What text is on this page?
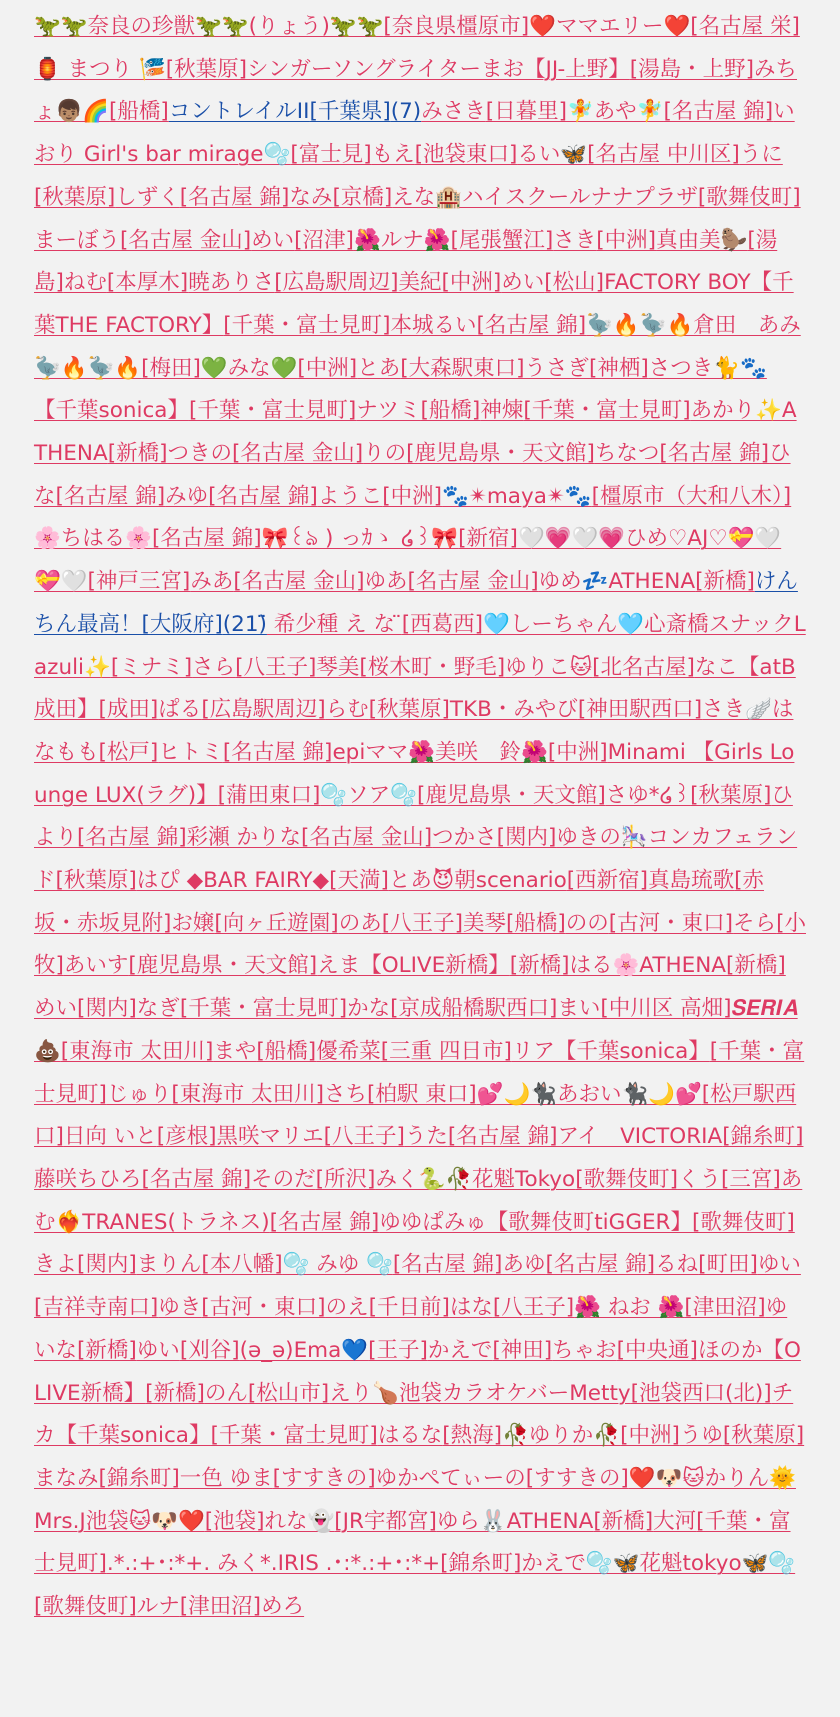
🦖🦖奈良の珍獣🦖🦖(りょう)🦖🦖[奈良県橿原市]❤️ママエリー❤️[名古屋 栄]🏮 まつり 🎏[秋葉原]シンガーソングライターまお【JJ-上野】[湯島・上野]みちょ👦🏽🌈[船橋]コントレイルII[千葉県](7)みさき[日暮里]🧚あや🧚[名古屋 錦]いおり Girl's bar mirage🫧[富士見]もえ[池袋東口]るい🦋[名古屋 中川区]うに[秋葉原]しずく[名古屋 錦]なみ[京橋]えな🏨ハイスクールナナプラザ[歌舞伎町]まーぼう[名古屋 金山]めい[沼津]🌺ルナ🌺[尾張蟹江]さき[中洲]真由美🦫[湯島]ねむ[本厚木]暁ありさ[広島駅周辺]美紀[中洲]めい[松山]FACTORY BOY【千葉THE FACTORY】[千葉・富士見町]本城るい[名古屋 錦]🦤🔥🦤🔥倉田　あみ🦤🔥🦤🔥[梅田]💚みな💚[中洲]とあ[大森駅東口]うさぎ[神栖]さつき🐈🐾【千葉sonica】[千葉・富士見町]ナツミ[船橋]神煉[千葉・富士見町]あかり✨ATHENA[新橋]つきの[名古屋 金山]りの[鹿児島県・天文館]ちなつ[名古屋 錦]ひな[名古屋 錦]みゆ[名古屋 錦]ようこ[中洲]🐾✴maya✴🐾[橿原市（大和八木）]🌸ちはる🌸[名古屋 錦]🎀꒰ঌ ) っｶゝ ໒꒱🎀[新宿]🤍💗🤍💗ひめ♡AJ♡💝🤍💝🤍[神戸三宮]みあ[名古屋 金山]ゆあ[名古屋 金山]ゆめ💤ATHENA[新橋]けんちん最高！[大阪府](21)̈ 希少種 え な ̈[西葛西]🩵しーちゃん🩵心斎橋スナックLazuli✨[ミナミ]さら[八王子]琴美[桜木町・野毛]ゆりこ🐱[北名古屋]なこ【atB 成田】[成田]ぱる[広島駅周辺]らむ[秋葉原]TKB・みやび[神田駅西口]さき🪽はなもも[松戸]ヒトミ[名古屋 錦]epiママ🌺美咲　鈴🌺[中洲]Minami 【Girls Lounge LUX(ラグ)】[蒲田東口]🫧ソア🫧[鹿児島県・天文館]さゆ*໒꒱[秋葉原]ひより[名古屋 錦]彩瀬 かりな[名古屋 金山]つかさ[関内]ゆきの🎠コンカフェランド[秋葉原]はぴ ◆BAR FAIRY◆[天満]とあ😈朝scenario[西新宿]真島琉歌[赤坂・赤坂見附]お嬢[向ヶ丘遊園]のあ[八王子]美琴[船橋]のの[古河・東口]そら[小牧]あいす[鹿児島県・天文館]えま【OLIVE新橋】[新橋]はる🌸ATHENA[新橋]めい[関内]なぎ[千葉・富士見町]かな[京成船橋駅西口]まい[中川区 高畑]𝑺𝑬𝑹𝑰𝑨 💩[東海市 太田川]まや[船橋]優希菜[三重 四日市]リア【千葉sonica】[千葉・富士見町]じゅり[東海市 太田川]さち[柏駅 東口]💕🌙🐈‍⬛あおい🐈‍⬛🌙💕[松戸駅西口]日向 いと[彦根]黒咲マリエ[八王子]うた[名古屋 錦]アイ　VICTORIA[錦糸町]藤咲ちひろ[名古屋 錦]そのだ[所沢]みく🐍🥀花魁Tokyo[歌舞伎町]くう[三宮]あむ❤️‍🔥TRANES(トラネス)[名古屋 錦]ゆゆぱみゅ【歌舞伎町tiGGER】[歌舞伎町]きよ[関内]まりん[本八幡]🫧 みゆ 🫧[名古屋 錦]あゆ[名古屋 錦]るね[町田]ゆい[吉祥寺南口]ゆき[古河・東口]のえ[千日前]はな[八王子]🌺 ねお 🌺[津田沼]ゆいな[新橋]ゆい[刈谷](ə_ə)Ema💙[王子]かえで[神田]ちゃお[中央通]ほのか【OLIVE新橋】[新橋]のん[松山市]えり🍗池袋カラオケバーMetty[池袋西口(北)]チ カ【千葉sonica】[千葉・富士見町]はるな[熱海]🥀ゆりか🥀[中洲]うゆ[秋葉原]まなみ[錦糸町]一色 ゆま[すすきの]ゆかぺてぃーの[すすきの]❤️🐶🐱かりん🌞Mrs.J池袋🐱🐶❤️[池袋]れな👻[JR宇都宮]ゆら🐰ATHENA[新橋]大河[千葉・富士見町].*.:+･:*+. みく*.IRIS .･:*.:+･:*+[錦糸町]かえで🫧🦋花魁tokyo🦋🫧[歌舞伎町]ルナ[津田沼]めろ
